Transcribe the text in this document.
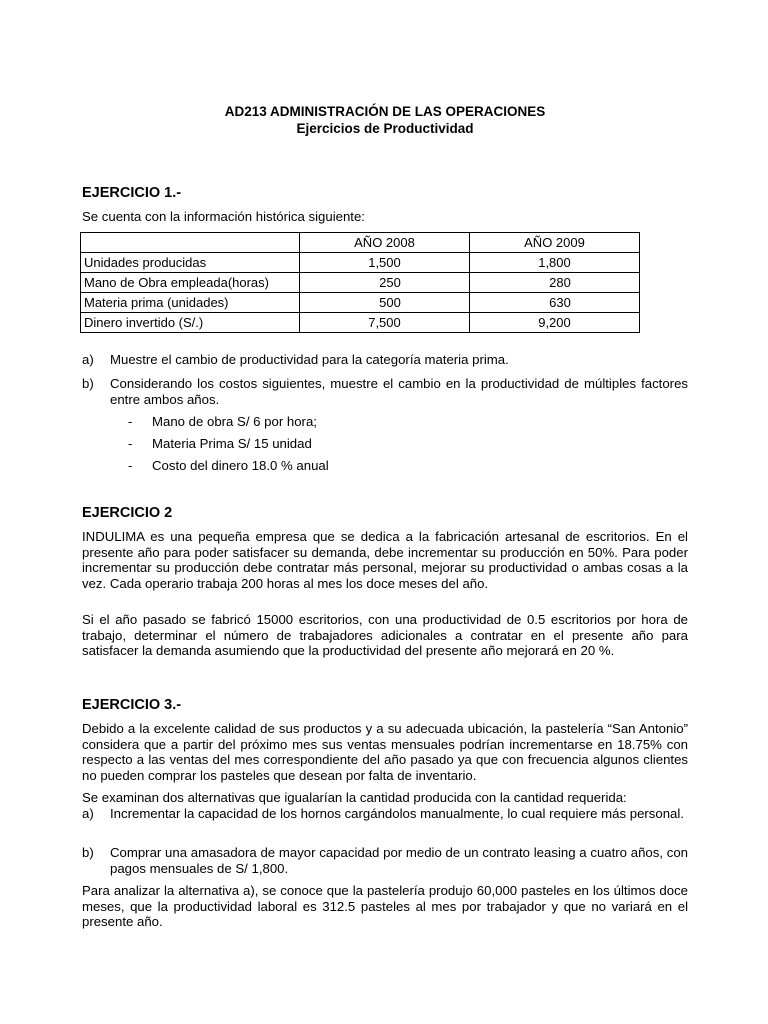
AD213 ADMINISTRACIÓN DE LAS OPERACIONES
Ejercicios de Productividad
EJERCICIO 1.-
Se cuenta con la información histórica siguiente:
	AÑO 2008	AÑO 2009
Unidades producidas	1,500	1,800
Mano de Obra empleada(horas)	250	280
Materia prima (unidades)	500	630
Dinero invertido (S/.)	7,500	9,200
a)	Muestre el cambio de productividad para la categoría materia prima.
b)	Considerando los costos siguientes, muestre el cambio en la productividad de múltiples factores entre ambos años.
- Mano de obra S/ 6 por hora;
- Materia Prima S/ 15 unidad
- Costo del dinero 18.0 % anual
EJERCICIO 2

INDULIMA es una pequeña empresa que se dedica a la fabricación artesanal de escritorios. En el presente año para poder satisfacer su demanda, debe incrementar su producción en 50%. Para poder incrementar su producción debe contratar más personal, mejorar su productividad o ambas cosas a la vez. Cada operario trabaja 200 horas al mes los doce meses del año.

Si el año pasado se fabricó 15000 escritorios, con una productividad de 0.5 escritorios por hora de trabajo, determinar el número de trabajadores adicionales a contratar en el presente año para satisfacer la demanda asumiendo que la productividad del presente año mejorará en 20 %.

EJERCICIO 3.-

Debido a la excelente calidad de sus productos y a su adecuada ubicación, la pastelería “San Antonio” considera que a partir del próximo mes sus ventas mensuales podrían incrementarse en 18.75% con respecto a las ventas del mes correspondiente del año pasado ya que con frecuencia algunos clientes no pueden comprar los pasteles que desean por falta de inventario.

Se examinan dos alternativas que igualarían la cantidad producida con la cantidad requerida:

a)	Incrementar la capacidad de los hornos cargándolos manualmente, lo cual requiere más personal.
b)	Comprar una amasadora de mayor capacidad por medio de un contrato leasing a cuatro años, con pagos mensuales de S/ 1,800.

Para analizar la alternativa a), se conoce que la pastelería produjo 60,000 pasteles en los últimos doce meses, que la productividad laboral es 312.5 pasteles al mes por trabajador y que no variará en el presente año.
